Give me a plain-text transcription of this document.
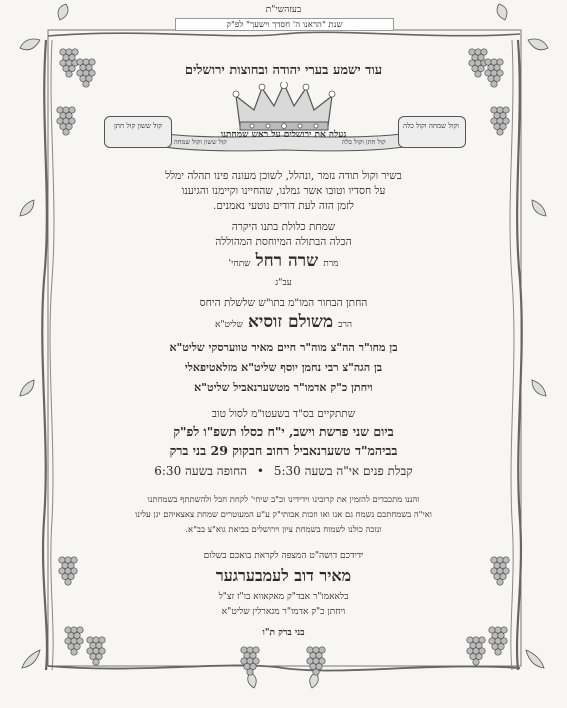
בעזהשי"ת
שנת "הראנו ה' חסדך וישעך" לפ"ק
עוד ישמע בערי יהודה ובחוצות ירושלים
נעלה את ירושלים על ראש שמחתנו
קול ששון קול חתן	וקול שמחה וקול כלה
קול ששון וקול שמחה	קול חתן וקול כלה
בשיר וקול תודה נזמר ,ונהלל, לשוכן מעונה פינו תהלה ימלל
על חסדיו וטובו אשר גמלנו, שהחיינו וקיימנו והגיענו
לזמן הזה לעת דודים נוטעי נאמנים.
שמחת כלולת בתנו היקרה
הכלה הבתולה המיוחסת המהוללה
מרת שרה רחל שתחי'
עב"ג
החתן הבחור המו"מ בתו"ש שלשלת היחס
הרב משולם זוסיא שליט"א
בן מחו"ר הה"צ מוה"ר חיים מאיר טווערסקי שליט"א
בן הגה"צ רבי נחמן יוסף שליט"א מזלאטיפאלי
ויחתן כ"ק אדמו"ר מטשערנאביל שליט"א
שתתקיים בס"ד בשעטו"מ לסול טוב
ביום שני פרשת וישב, י"ח כסלו תשפ"ו לפ"ק
בביהמ"ד טשערנאביל רחוב חבקוק 29 בני ברק
קבלת פנים אי"ה בשעה 5:30 • החופה בשעה 6:30
והננו מתכבדים להזמין את קרובינו וידידינו וכ"ב שיחי' לקחת חבל ולהשתתף בשמחתנו
ואי"ה בשמחתכם נשמח גם אנו ואו וזכות אבותי"ק ע"ע המעוטרים שמחת צאצאיהם יגן עלינו
ונזכה כולנו לשמוח בשמחת ציון וירושלים בביאת גוא"צ בב"א.
ידידכם דושה"ט המצפה לקראת בואכם בשלום
מאיר דוב לעמבערגער
בלאאמו"ר אבד"ק מאקאווא בו"ז זצ"ל
ויחתן כ"ק אדמו"ר מגארלין שליט"א
בני ברק ת"ו
